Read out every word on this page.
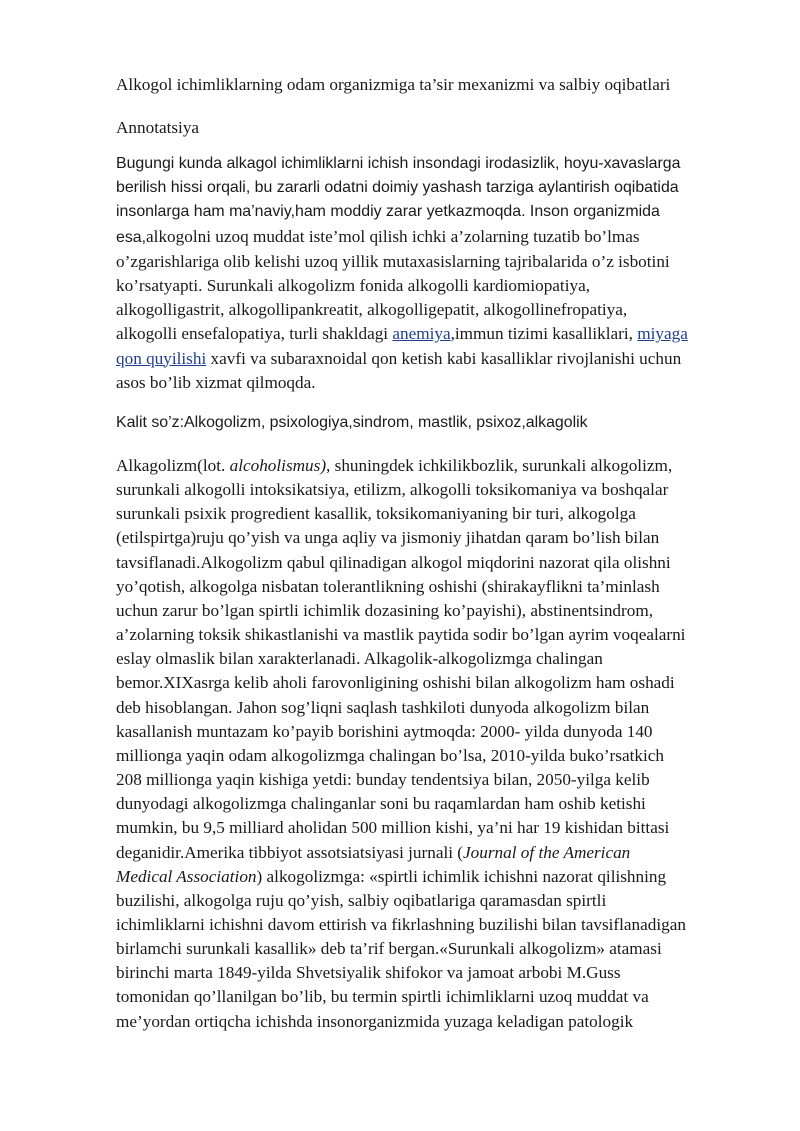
Alkogol ichimliklarning odam organizmiga ta’sir mexanizmi va salbiy oqibatlari
Annotatsiya
Bugungi kunda alkagol ichimliklarni ichish insondagi irodasizlik, hoyu-xavaslarga
berilish hissi orqali, bu zararli odatni doimiy yashash tarziga aylantirish oqibatida
insonlarga ham ma’naviy,ham moddiy zarar yetkazmoqda. Inson organizmida
esa,alkogolni uzoq muddat iste’mol qilish ichki a’zolarning tuzatib bo’lmas
o’zgarishlariga olib kelishi uzoq yillik mutaxasislarning tajribalarida o’z isbotini
ko’rsatyapti. Surunkali alkogolizm fonida alkogolli kardiomiopatiya,
alkogolligastrit, alkogollipankreatit, alkogolligepatit, alkogollinefropatiya,
alkogolli ensefalopatiya, turli shakldagi anemiya,immun tizimi kasalliklari, miyaga
qon quyilishi xavfi va subaraxnoidal qon ketish kabi kasalliklar rivojlanishi uchun
asos bo’lib xizmat qilmoqda.
Kalit so’z:Alkogolizm, psixologiya,sindrom, mastlik, psixoz,alkagolik
Alkagolizm(lot. alcoholismus), shuningdek ichkilikbozlik, surunkali alkogolizm,
surunkali alkogolli intoksikatsiya, etilizm, alkogolli toksikomaniya va boshqalar
surunkali psixik progredient kasallik, toksikomaniyaning bir turi, alkogolga
(etilspirtga)ruju qo’yish va unga aqliy va jismoniy jihatdan qaram bo’lish bilan
tavsiflanadi.Alkogolizm qabul qilinadigan alkogol miqdorini nazorat qila olishni
yo’qotish, alkogolga nisbatan tolerantlikning oshishi (shirakayflikni ta’minlash
uchun zarur bo’lgan spirtli ichimlik dozasining ko’payishi), abstinentsindrom,
a’zolarning toksik shikastlanishi va mastlik paytida sodir bo’lgan ayrim voqealarni
eslay olmaslik bilan xarakterlanadi. Alkagolik-alkogolizmga chalingan
bemor.XIXasrga kelib aholi farovonligining oshishi bilan alkogolizm ham oshadi
deb hisoblangan. Jahon sog’liqni saqlash tashkiloti dunyoda alkogolizm bilan
kasallanish muntazam ko’payib borishini aytmoqda: 2000- yilda dunyoda 140
millionga yaqin odam alkogolizmga chalingan bo’lsa, 2010-yilda buko’rsatkich
208 millionga yaqin kishiga yetdi: bunday tendentsiya bilan, 2050-yilga kelib
dunyodagi alkogolizmga chalinganlar soni bu raqamlardan ham oshib ketishi
mumkin, bu 9,5 milliard aholidan 500 million kishi, ya’ni har 19 kishidan bittasi
deganidir.Amerika tibbiyot assotsiatsiyasi jurnali (Journal of the American
Medical Association) alkogolizmga: «spirtli ichimlik ichishni nazorat qilishning
buzilishi, alkogolga ruju qo’yish, salbiy oqibatlariga qaramasdan spirtli
ichimliklarni ichishni davom ettirish va fikrlashning buzilishi bilan tavsiflanadigan
birlamchi surunkali kasallik» deb ta’rif bergan.«Surunkali alkogolizm» atamasi
birinchi marta 1849-yilda Shvetsiyalik shifokor va jamoat arbobi M.Guss
tomonidan qo’llanilgan bo’lib, bu termin spirtli ichimliklarni uzoq muddat va
me’yordan ortiqcha ichishda insonorganizmida yuzaga keladigan patologik
